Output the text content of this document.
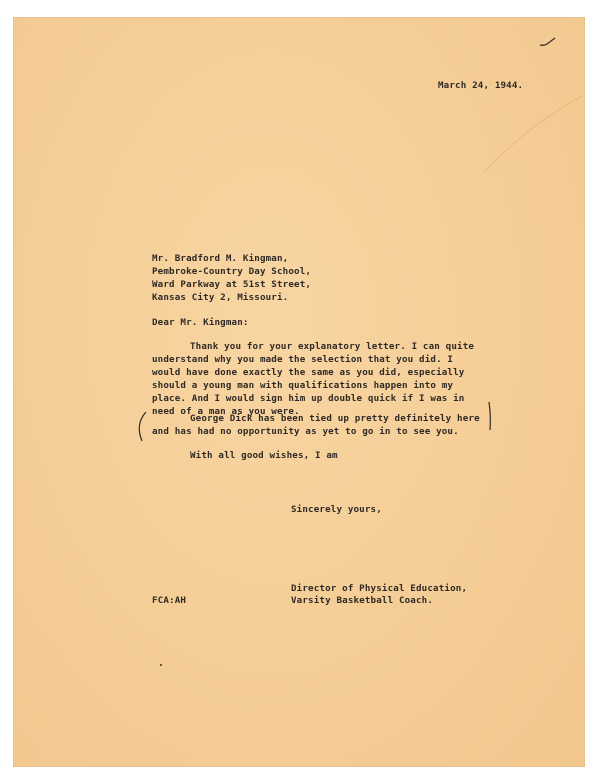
March 24, 1944.
Mr. Bradford M. Kingman,
Pembroke-Country Day School,
Ward Parkway at 51st Street,
Kansas City 2, Missouri.
Dear Mr. Kingman:
Thank you for your explanatory letter. I can quite
understand why you made the selection that you did. I
would have done exactly the same as you did, especially
should a young man with qualifications happen into my
place. And I would sign him up double quick if I was in
need of a man as you were.
George Dick has been tied up pretty definitely here
and has had no opportunity as yet to go in to see you.
With all good wishes, I am
Sincerely yours,
Director of Physical Education,
Varsity Basketball Coach.
FCA:AH
